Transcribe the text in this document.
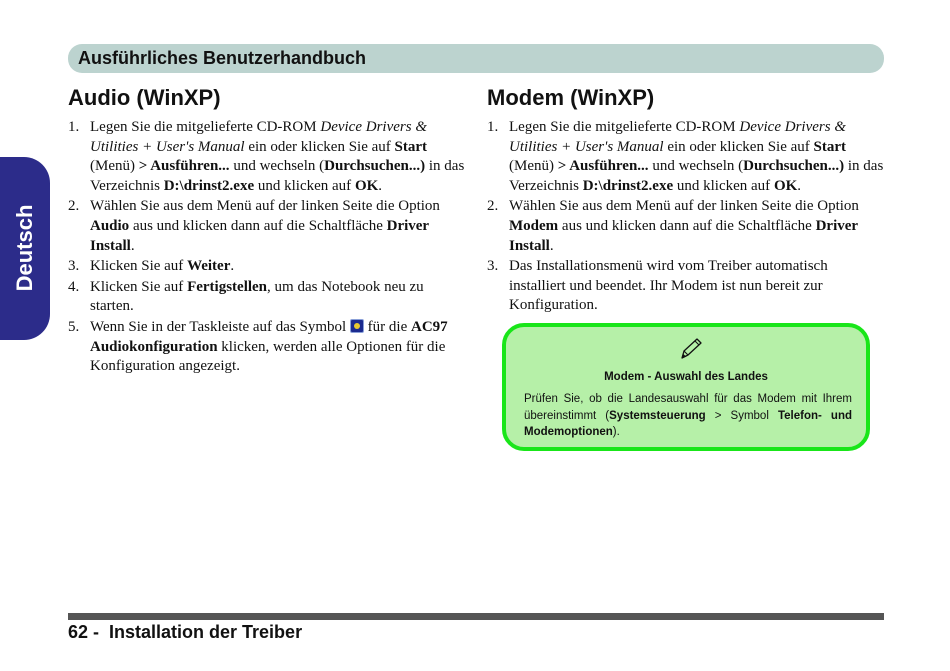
Ausführliches Benutzerhandbuch
Deutsch
Audio (WinXP)
1. Legen Sie die mitgelieferte CD-ROM Device Drivers & Utilities + User's Manual ein oder klicken Sie auf Start (Menü) > Ausführen... und wechseln (Durchsuchen...) in das Verzeichnis D:\drinst2.exe und klicken auf OK.
2. Wählen Sie aus dem Menü auf der linken Seite die Option Audio aus und klicken dann auf die Schaltfläche Driver Install.
3. Klicken Sie auf Weiter.
4. Klicken Sie auf Fertigstellen, um das Notebook neu zu starten.
5. Wenn Sie in der Taskleiste auf das Symbol  für die AC97 Audiokonfiguration klicken, werden alle Optionen für die Konfiguration angezeigt.
Modem (WinXP)
1. Legen Sie die mitgelieferte CD-ROM Device Drivers & Utilities + User's Manual ein oder klicken Sie auf Start (Menü) > Ausführen... und wechseln (Durchsuchen...) in das Verzeichnis D:\drinst2.exe und klicken auf OK.
2. Wählen Sie aus dem Menü auf der linken Seite die Option Modem aus und klicken dann auf die Schaltfläche Driver Install.
3. Das Installationsmenü wird vom Treiber automatisch installiert und beendet. Ihr Modem ist nun bereit zur Konfiguration.
Modem - Auswahl des Landes
Prüfen Sie, ob die Landesauswahl für das Modem mit Ihrem übereinstimmt (Systemsteuerung > Symbol Telefon- und Modemoptionen).
62 -  Installation der Treiber
